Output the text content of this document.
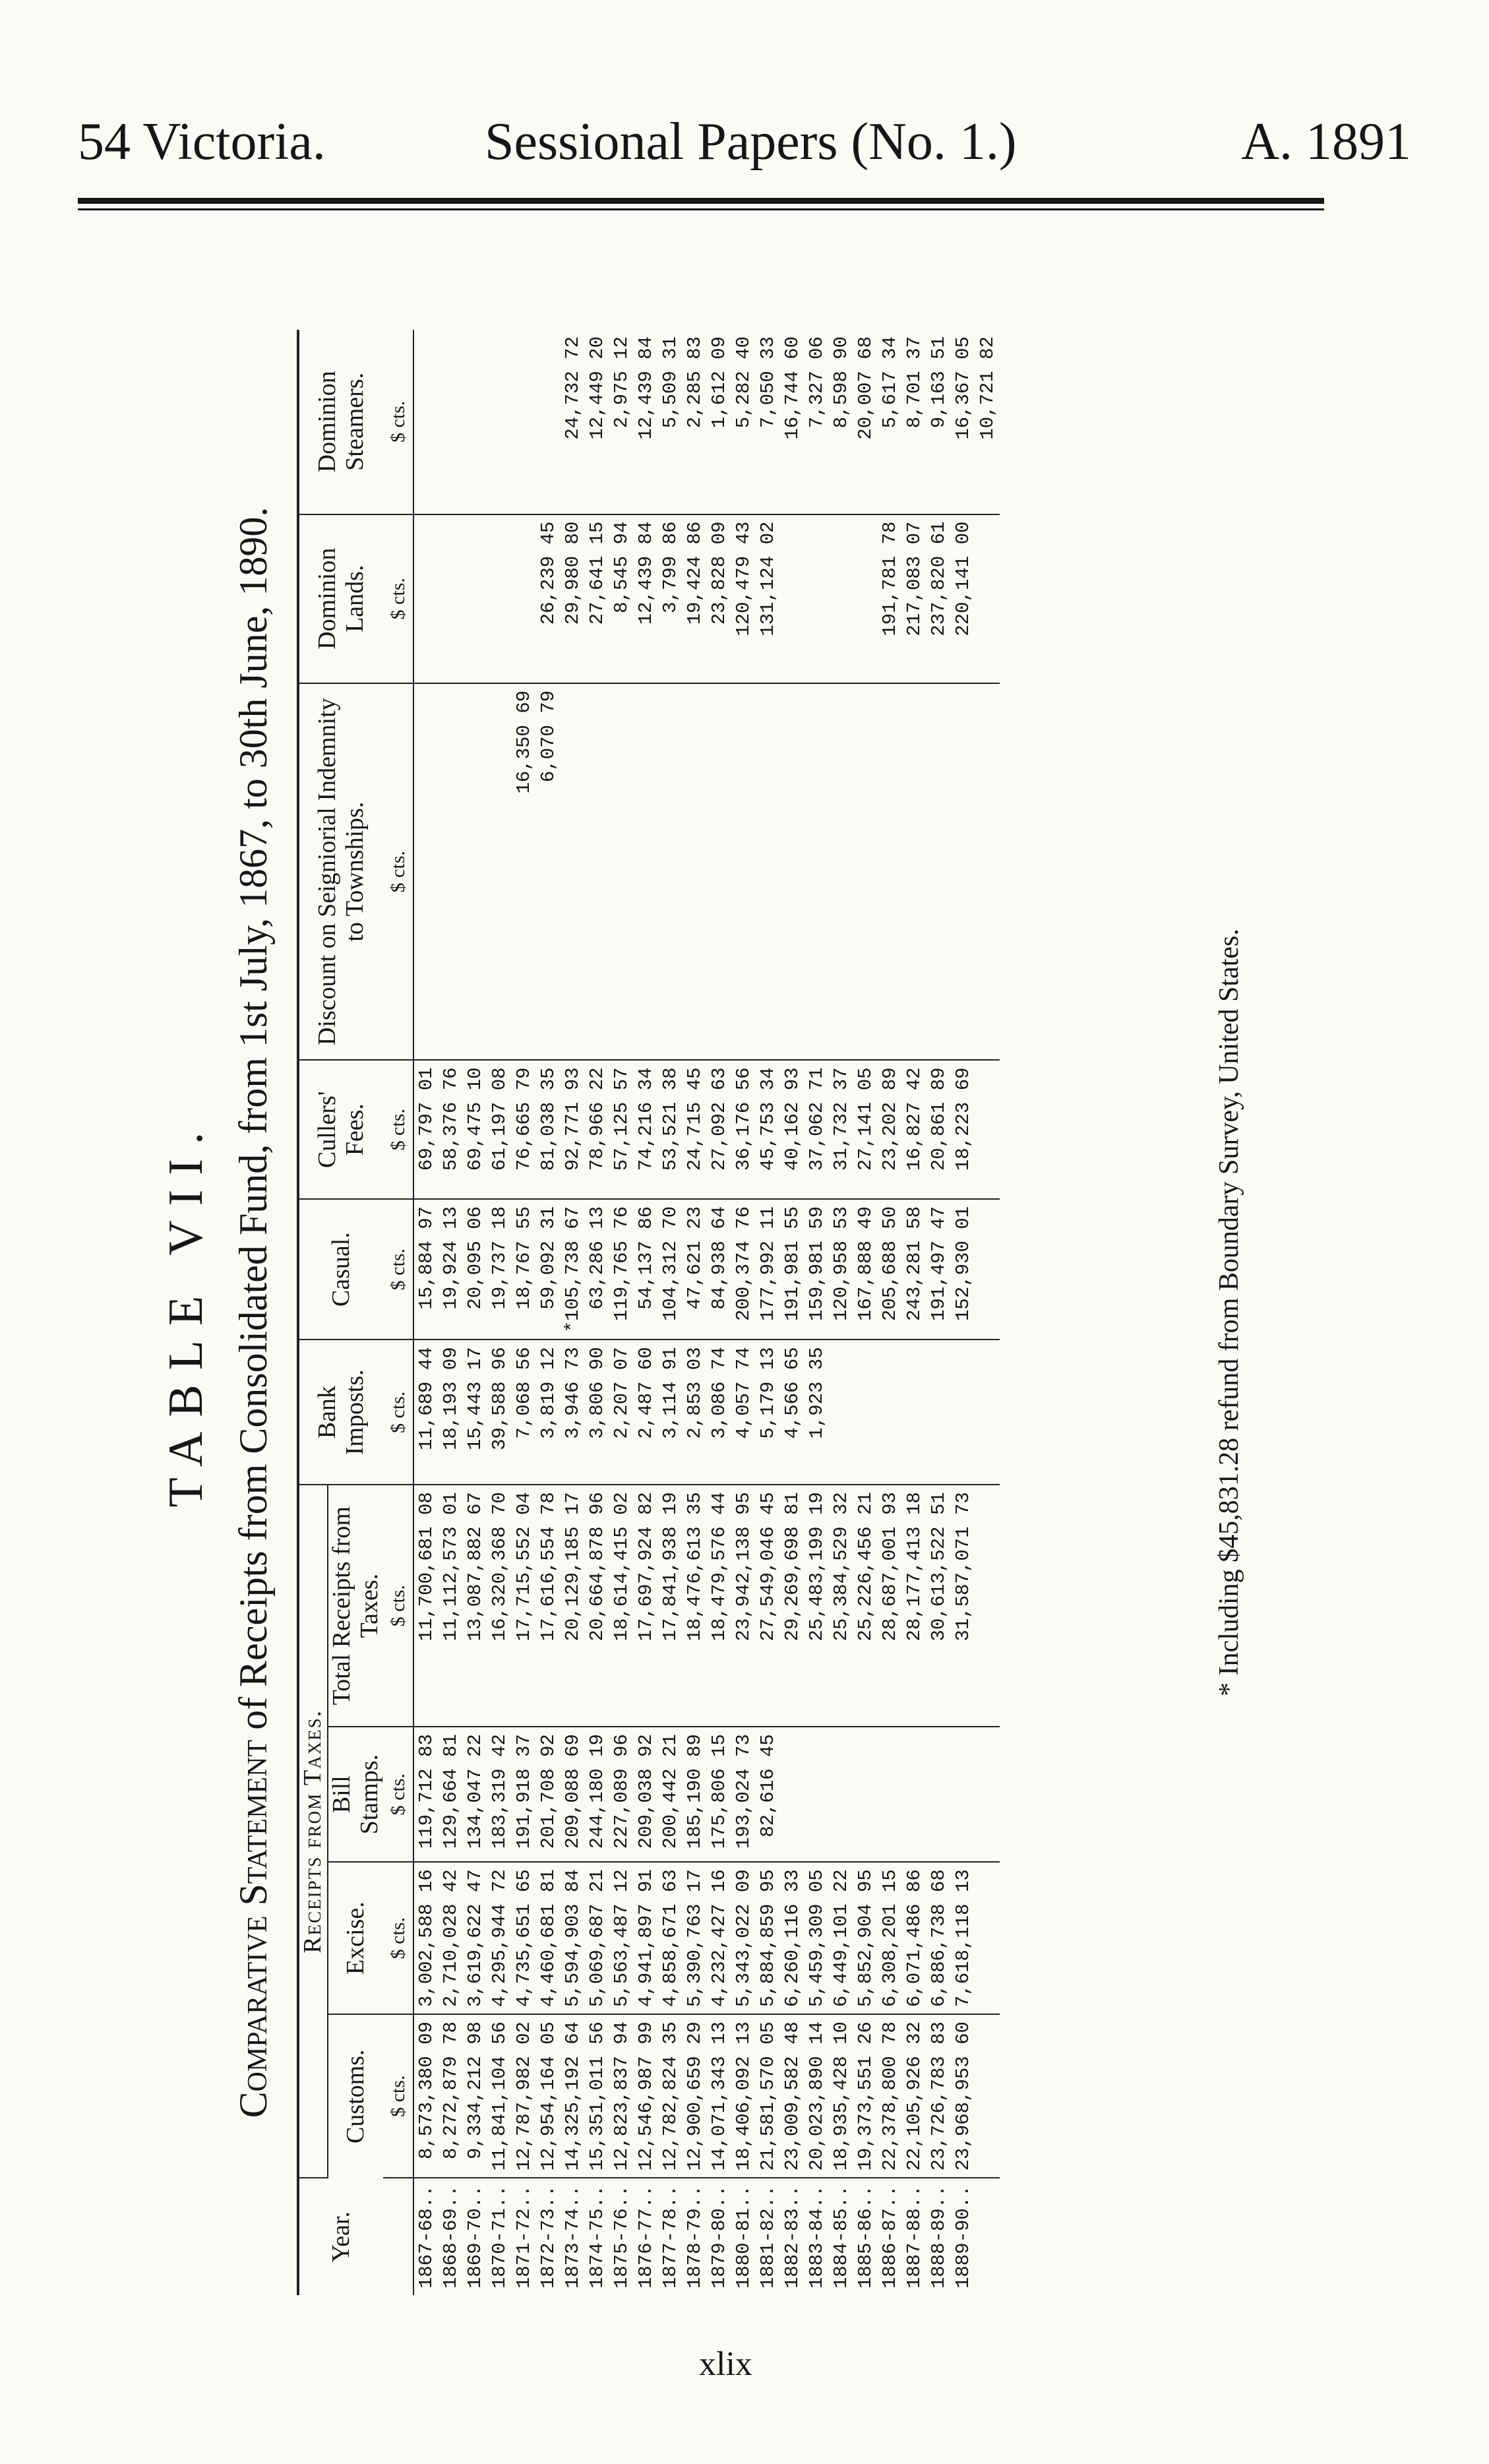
54 Victoria.	Sessional Papers (No. 1.)	A. 1891
TABLE VII.
Comparative Statement of Receipts from Consolidated Fund, from 1st July, 1867, to 30th June, 1890.
Year.	Receipts from Taxes.				Bank Imposts.	Casual.	Cullers' Fees.	Discount on Seigniorial Indemnity to Townships.	Dominion Lands.	Dominion Steamers.
	Customs.	Excise.	Bill Stamps.	Total Receipts from Taxes.						
	$ cts.	$ cts.	$ cts.	$ cts.	$ cts.	$ cts.	$ cts.	$ cts.	$ cts.	$ cts.
1867-68..	8,573,380 09	3,002,588 16	119,712 83	11,700,681 08	11,689 44	15,884 97	69,797 01			
1868-69..	8,272,879 78	2,710,028 42	129,664 81	11,112,573 01	18,193 09	19,924 13	58,376 76			
1869-70..	9,334,212 98	3,619,622 47	134,047 22	13,087,882 67	15,443 17	20,095 06	69,475 10			
1870-71..	11,841,104 56	4,295,944 72	183,319 42	16,320,368 70	39,588 96	19,737 18	61,197 08			
1871-72..	12,787,982 02	4,735,651 65	191,918 37	17,715,552 04	7,068 56	18,767 55	76,665 79	16,350 69		
1872-73..	12,954,164 05	4,460,681 81	201,708 92	17,616,554 78	3,819 12	59,092 31	81,038 35	6,070 79	26,239 45	
1873-74..	14,325,192 64	5,594,903 84	209,088 69	20,129,185 17	3,946 73	*105,738 67	92,771 93		29,980 80	24,732 72
1874-75..	15,351,011 56	5,069,687 21	244,180 19	20,664,878 96	3,806 90	63,286 13	78,966 22		27,641 15	12,449 20
1875-76..	12,823,837 94	5,563,487 12	227,089 96	18,614,415 02	2,207 07	119,765 76	57,125 57		8,545 94	2,975 12
1876-77..	12,546,987 99	4,941,897 91	209,038 92	17,697,924 82	2,487 60	54,137 86	74,216 34		12,439 84	12,439 84
1877-78..	12,782,824 35	4,858,671 63	200,442 21	17,841,938 19	3,114 91	104,312 70	53,521 38		3,799 86	5,509 31
1878-79..	12,900,659 29	5,390,763 17	185,190 89	18,476,613 35	2,853 03	47,621 23	24,715 45		19,424 86	2,285 83
1879-80..	14,071,343 13	4,232,427 16	175,806 15	18,479,576 44	3,086 74	84,938 64	27,092 63		23,828 09	1,612 09
1880-81..	18,406,092 13	5,343,022 09	193,024 73	23,942,138 95	4,057 74	200,374 76	36,176 56		120,479 43	5,282 40
1881-82..	21,581,570 05	5,884,859 95	82,616 45	27,549,046 45	5,179 13	177,992 11	45,753 34		131,124 02	7,050 33
1882-83..	23,009,582 48	6,260,116 33		29,269,698 81	4,566 65	191,981 55	40,162 93			16,744 60
1883-84..	20,023,890 14	5,459,309 05		25,483,199 19	1,923 35	159,981 59	37,062 71			7,327 06
1884-85..	18,935,428 10	6,449,101 22		25,384,529 32		120,958 53	31,732 37			8,598 90
1885-86..	19,373,551 26	5,852,904 95		25,226,456 21		167,888 49	27,141 05			20,007 68
1886-87..	22,378,800 78	6,308,201 15		28,687,001 93		205,688 50	23,202 89		191,781 78	5,617 34
1887-88..	22,105,926 32	6,071,486 86		28,177,413 18		243,281 58	16,827 42		217,083 07	8,701 37
1888-89..	23,726,783 83	6,886,738 68		30,613,522 51		191,497 47	20,861 89		237,820 61	9,163 51
1889-90..	23,968,953 60	7,618,118 13		31,587,071 73		152,930 01	18,223 69		220,141 00	16,367 05
										10,721 82
* Including $45,831.28 refund from Boundary Survey, United States.
xlix
